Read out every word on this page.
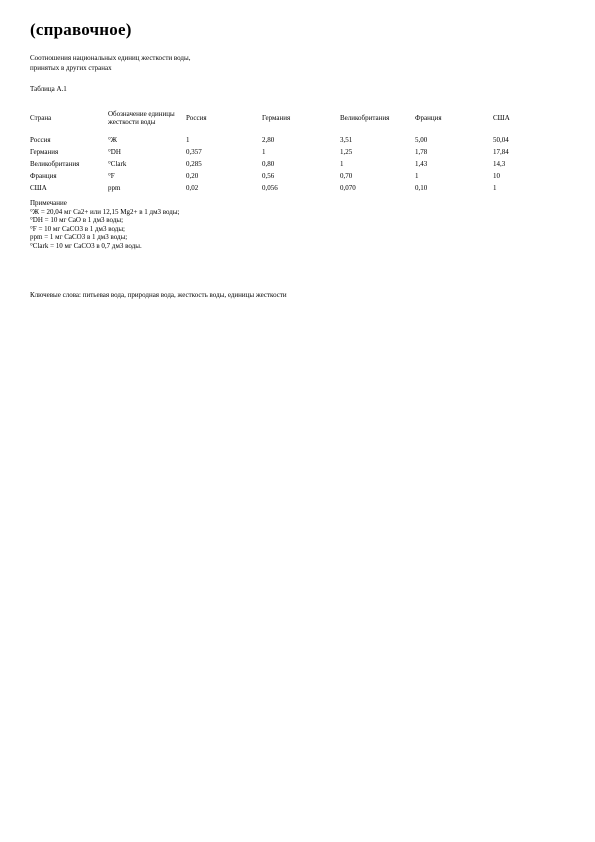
(справочное)
Соотношения национальных единиц жесткости воды,
принятых в других странах
Таблица А.1
Страна	Обозначение единицы жесткости воды	Россия	Германия	Великобритания	Франция	США
Россия	°Ж	1	2,80	3,51	5,00	50,04
Германия	°DH	0,357	1	1,25	1,78	17,84
Великобритания	°Clark	0,285	0,80	1	1,43	14,3
Франция	°F	0,20	0,56	0,70	1	10
США	ppm	0,02	0,056	0,070	0,10	1
Примечание
°Ж = 20,04 мг Ca2+ или 12,15 Mg2+ в 1 дм3 воды;
°DH = 10 мг CaO в 1 дм3 воды;
°F = 10 мг CaCO3 в 1 дм3 воды;
ppm = 1 мг CaCO3 в 1 дм3 воды;
°Clark = 10 мг CaCO3 в 0,7 дм3 воды.
Ключевые слова: питьевая вода, природная вода, жесткость воды, единицы жесткости
